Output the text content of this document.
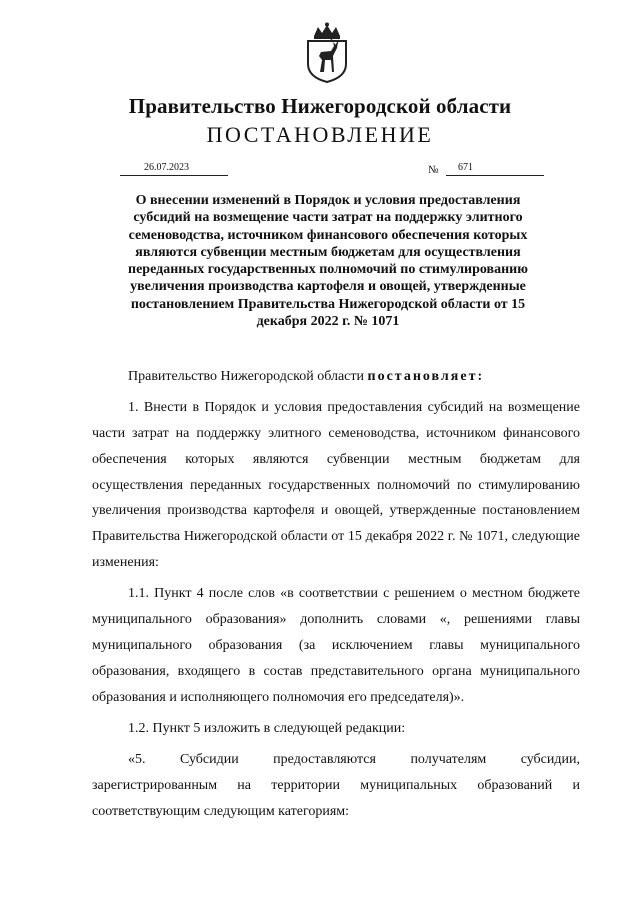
Правительство Нижегородской области
ПОСТАНОВЛЕНИЕ
26.07.2023	№	671
О внесении изменений в Порядок и условия предоставления субсидий на возмещение части затрат на поддержку элитного семеноводства, источником финансового обеспечения которых являются субвенции местным бюджетам для осуществления переданных государственных полномочий по стимулированию увеличения производства картофеля и овощей, утвержденные постановлением Правительства Нижегородской области от 15 декабря 2022 г. № 1071

Правительство Нижегородской области постановляет:

1. Внести в Порядок и условия предоставления субсидий на возмещение части затрат на поддержку элитного семеноводства, источником финансового обеспечения которых являются субвенции местным бюджетам для осуществления переданных государственных полномочий по стимулированию увеличения производства картофеля и овощей, утвержденные постановлением Правительства Нижегородской области от 15 декабря 2022 г. № 1071, следующие изменения:

1.1. Пункт 4 после слов «в соответствии с решением о местном бюджете муниципального образования» дополнить словами «, решениями главы муниципального образования (за исключением главы муниципального образования, входящего в состав представительного органа муниципального образования и исполняющего полномочия его председателя)».

1.2. Пункт 5 изложить в следующей редакции:

«5. Субсидии предоставляются получателям субсидии, зарегистрированным на территории муниципальных образований и соответствующим следующим категориям:
